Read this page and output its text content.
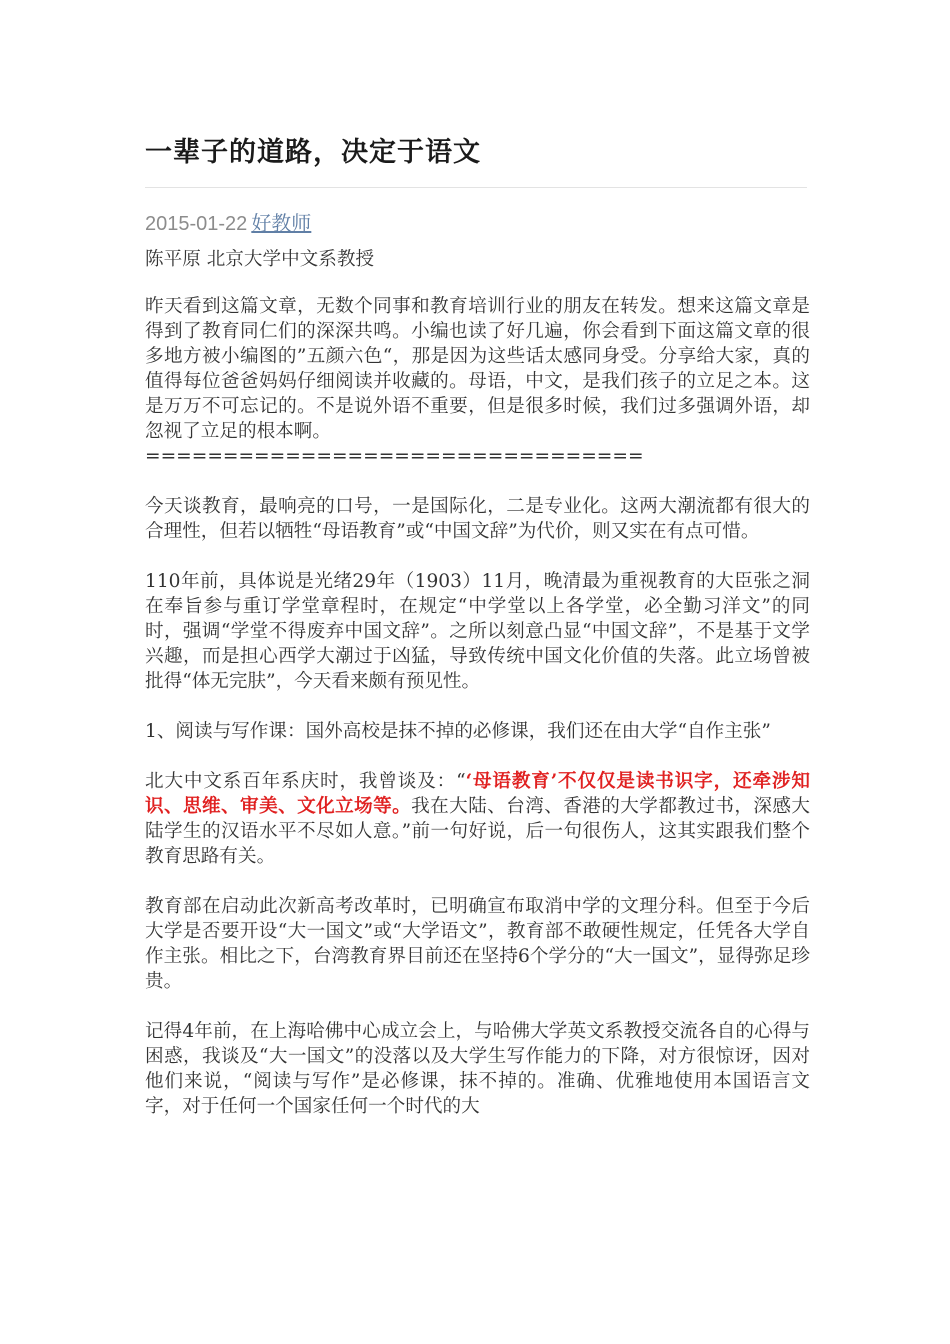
一辈子的道路，决定于语文
2015-01-22 好教师

陈平原 北京大学中文系教授

昨天看到这篇文章，无数个同事和教育培训行业的朋友在转发。想来这篇文章是得到了教育同仁们的深深共鸣。小编也读了好几遍，你会看到下面这篇文章的很多地方被小编图的”五颜六色“，那是因为这些话太感同身受。分享给大家，真的值得每位爸爸妈妈仔细阅读并收藏的。母语，中文，是我们孩子的立足之本。这是万万不可忘记的。不是说外语不重要，但是很多时候，我们过多强调外语，却忽视了立足的根本啊。
================================

今天谈教育，最响亮的口号，一是国际化，二是专业化。这两大潮流都有很大的合理性，但若以牺牲“母语教育”或“中国文辞”为代价，则又实在有点可惜。

110年前，具体说是光绪29年（1903）11月，晚清最为重视教育的大臣张之洞在奉旨参与重订学堂章程时，在规定“中学堂以上各学堂，必全勤习洋文”的同时，强调“学堂不得废弃中国文辞”。之所以刻意凸显“中国文辞”，不是基于文学兴趣，而是担心西学大潮过于凶猛，导致传统中国文化价值的失落。此立场曾被批得“体无完肤”，今天看来颇有预见性。

1、阅读与写作课：国外高校是抹不掉的必修课，我们还在由大学“自作主张”

北大中文系百年系庆时，我曾谈及：“‘母语教育’不仅仅是读书识字，还牵涉知识、思维、审美、文化立场等。我在大陆、台湾、香港的大学都教过书，深感大陆学生的汉语水平不尽如人意。”前一句好说，后一句很伤人，这其实跟我们整个教育思路有关。

教育部在启动此次新高考改革时，已明确宣布取消中学的文理分科。但至于今后大学是否要开设“大一国文”或“大学语文”，教育部不敢硬性规定，任凭各大学自作主张。相比之下，台湾教育界目前还在坚持6个学分的“大一国文”，显得弥足珍贵。

记得4年前，在上海哈佛中心成立会上，与哈佛大学英文系教授交流各自的心得与困惑，我谈及“大一国文”的没落以及大学生写作能力的下降，对方很惊讶，因对他们来说，“阅读与写作”是必修课，抹不掉的。准确、优雅地使用本国语言文字，对于任何一个国家任何一个时代的大
